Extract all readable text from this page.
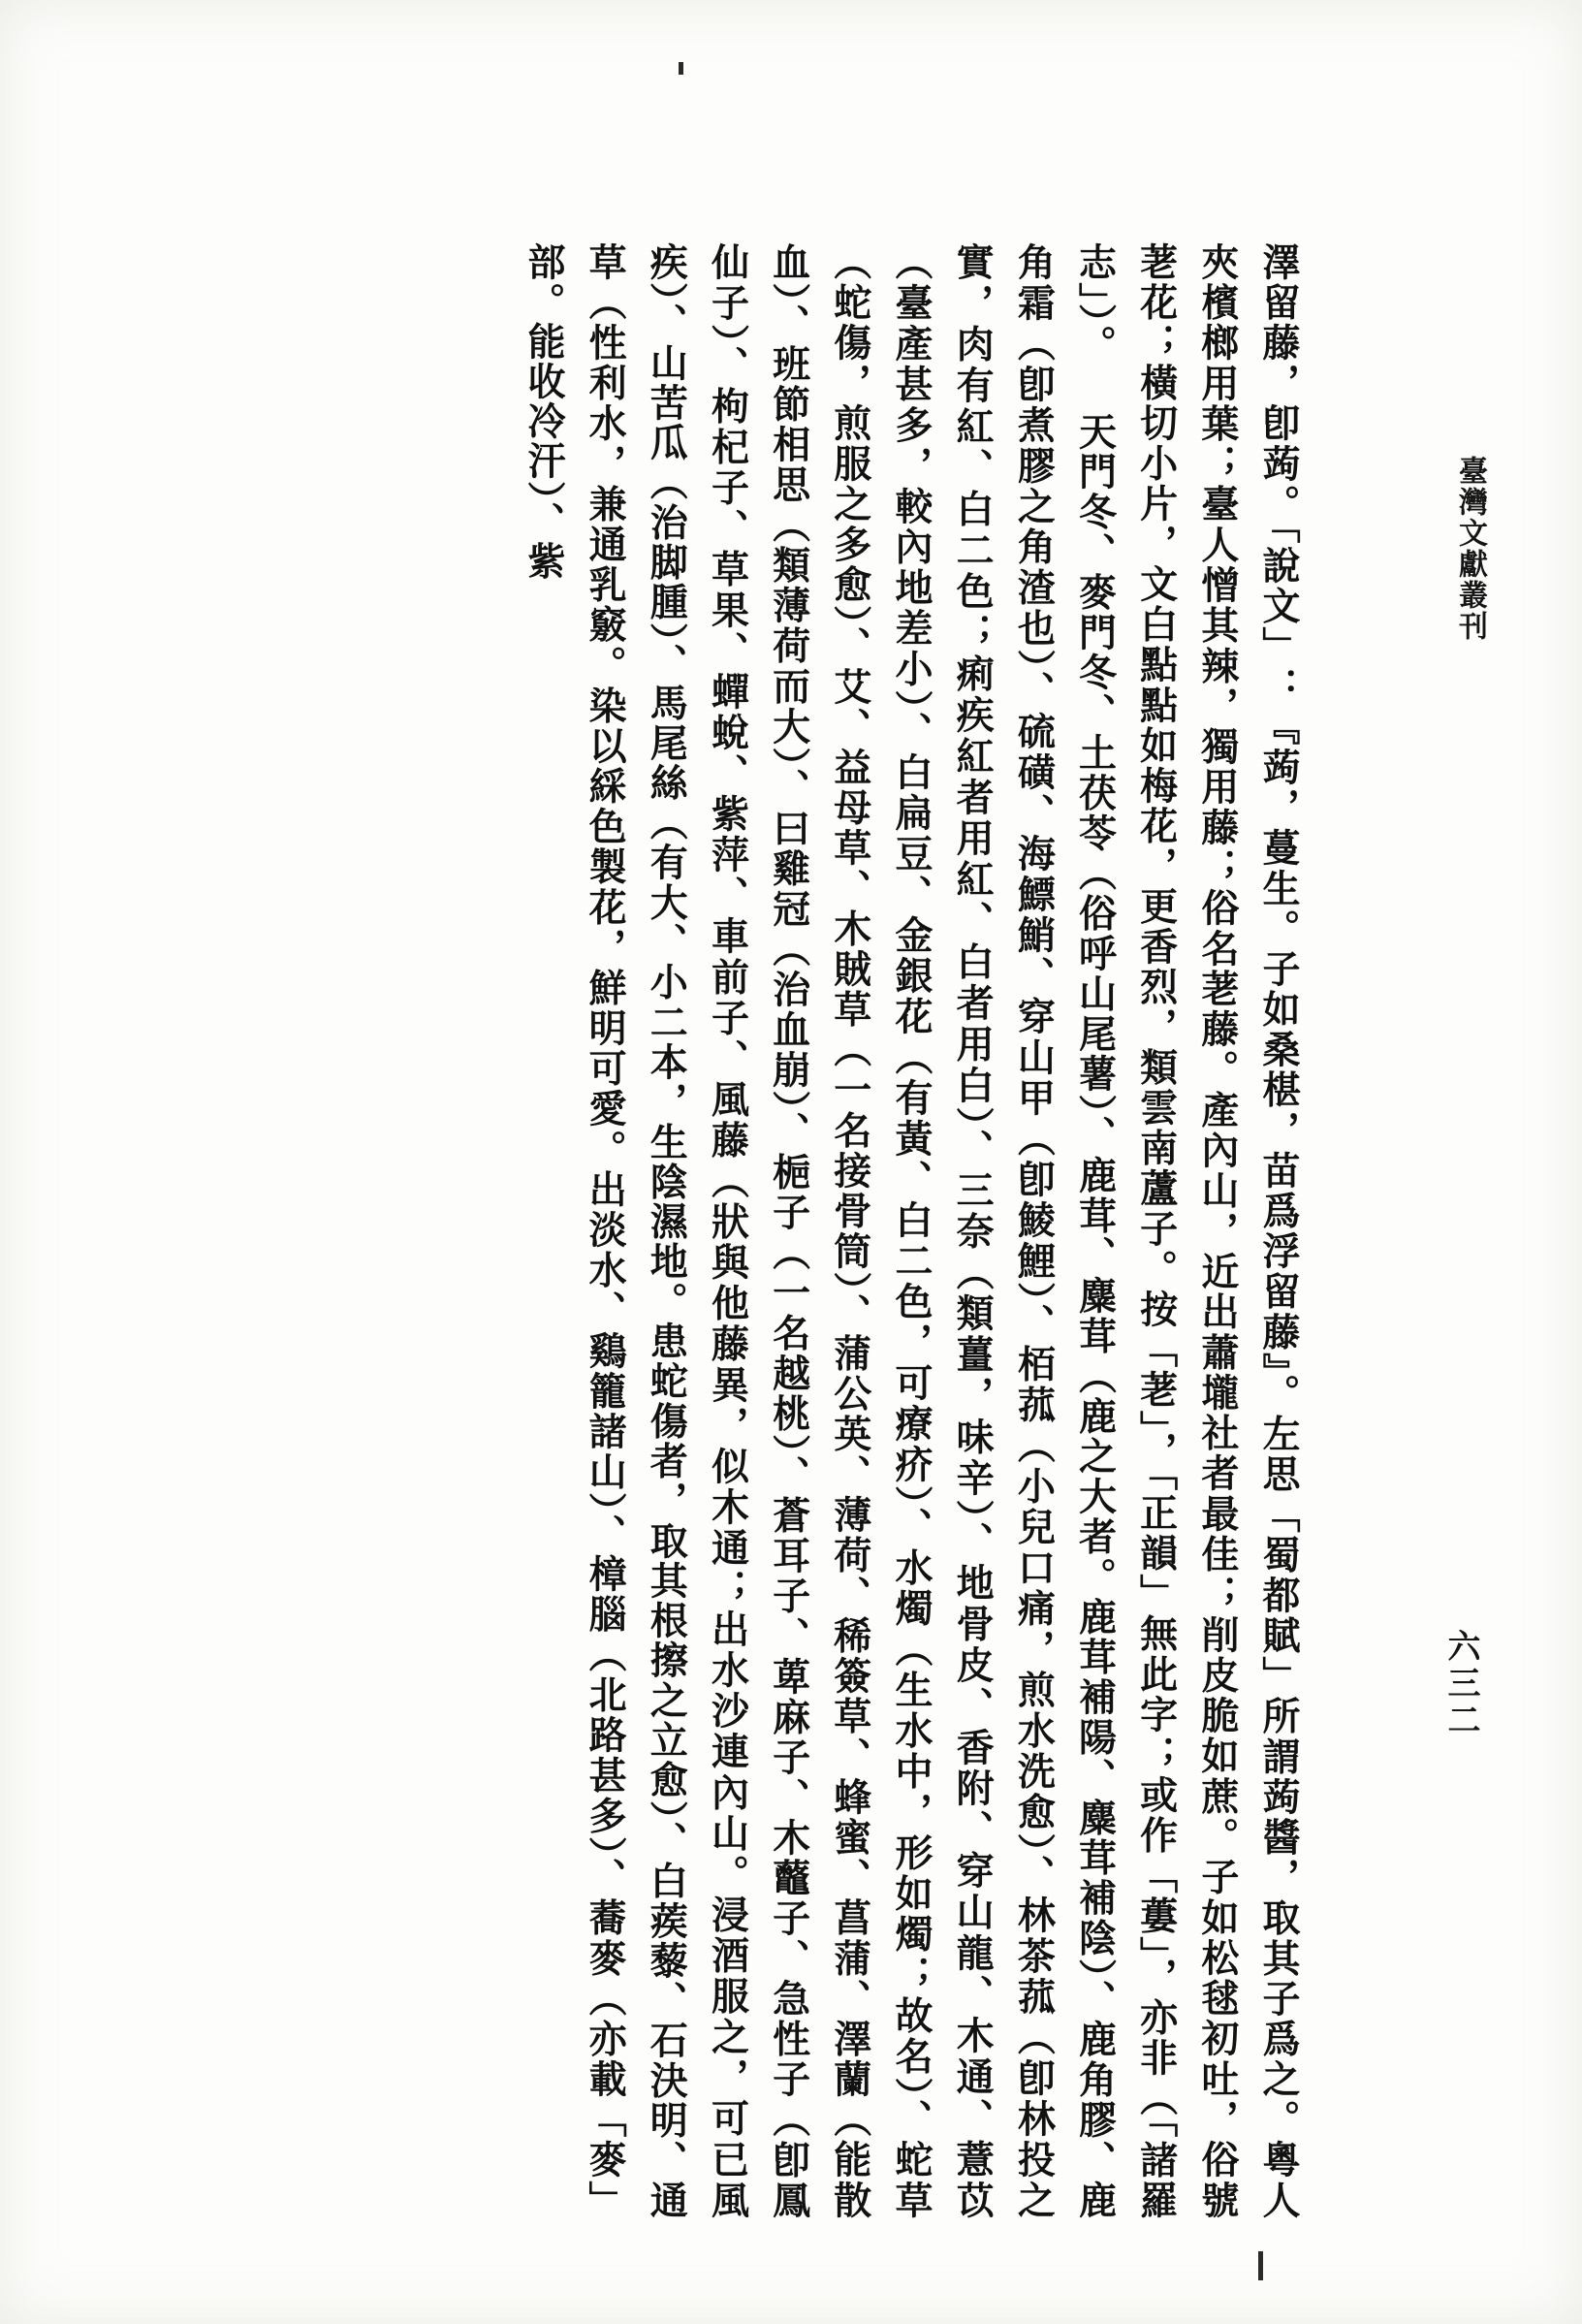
臺灣文獻叢刊
六三二
澤留藤，卽蒟。「說文」：『蒟，蔓生。子如桑椹，苗爲浮留藤』。左思「蜀都賦」所謂蒟醬，取其子爲之。粵人夾檳榔用葉；臺人憎其辣，獨用藤；俗名荖藤。產內山，近出蕭壠社者最佳；削皮脆如蔗。子如松毬初吐，俗號荖花；橫切小片，文白點點如梅花，更香烈，類雲南蘆子。按「荖」，「正韻」無此字；或作「蔞」，亦非（「諸羅志」）。 天門冬、麥門冬、土茯苓（俗呼山尾薯）、鹿茸、麋茸（鹿之大者。鹿茸補陽、麋茸補陰）、鹿角膠、鹿角霜（卽煮膠之角渣也）、硫磺、海鰾鮹、穿山甲（卽鯪鯉）、栢菰（小兒口痛，煎水洗愈）、林茶菰（卽林投之實，肉有紅、白二色；痢疾紅者用紅、白者用白）、三奈（類薑，味辛）、地骨皮、香附、穿山龍、木通、薏苡（臺產甚多，較內地差小）、白扁豆、金銀花（有黃、白二色，可療疥）、水燭（生水中，形如燭；故名）、蛇草（蛇傷，煎服之多愈）、艾、益母草、木賊草（一名接骨筒）、蒲公英、薄荷、稀簽草、蜂蜜、菖蒲、澤蘭（能散血）、班節相思（類薄荷而大）、曰雞冠（治血崩）、梔子（一名越桃）、蒼耳子、萆麻子、木虌子、急性子（卽鳳仙子）、枸杞子、草果、蟬蛻、紫萍、車前子、風藤（狀與他藤異，似木通；出水沙連內山。浸酒服之，可已風疾）、山苦瓜（治脚腫）、馬尾絲（有大、小二本，生陰濕地。患蛇傷者，取其根擦之立愈）、白蒺藜、石決明、通草（性利水，兼通乳竅。染以綵色製花，鮮明可愛。出淡水、鷄籠諸山）、樟腦（北路甚多）、蕎麥（亦載「麥」部。能收冷汗）、紫
